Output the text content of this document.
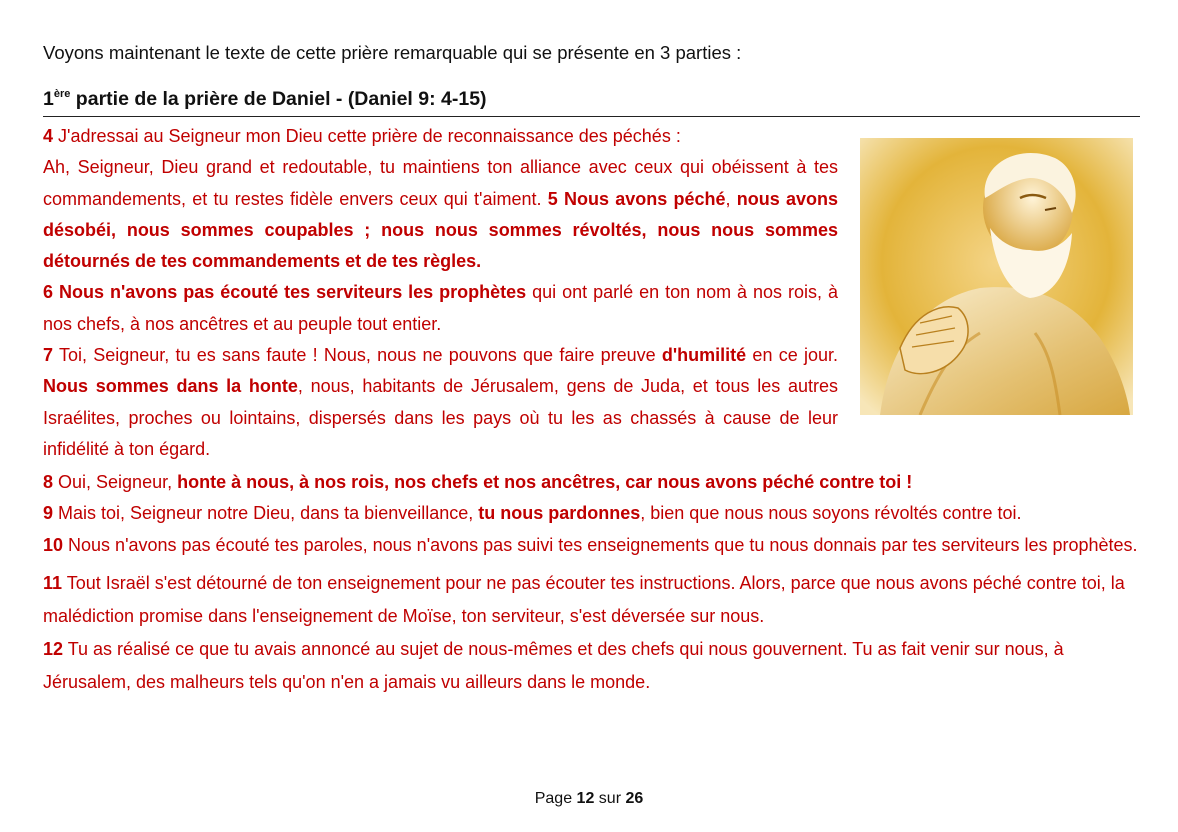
Voyons maintenant le texte de cette prière remarquable qui se présente en 3 parties :

1ère partie de la prière de Daniel - (Daniel 9: 4-15)

4 J'adressai au Seigneur mon Dieu cette prière de reconnaissance des péchés :

Ah, Seigneur, Dieu grand et redoutable, tu maintiens ton alliance avec ceux qui obéissent à tes commandements, et tu restes fidèle envers ceux qui t'aiment. 5 Nous avons péché, nous avons désobéi, nous sommes coupables ; nous nous sommes révoltés, nous nous sommes détournés de tes commandements et de tes règles.

6 Nous n'avons pas écouté tes serviteurs les prophètes qui ont parlé en ton nom à nos rois, à nos chefs, à nos ancêtres et au peuple tout entier.

7 Toi, Seigneur, tu es sans faute ! Nous, nous ne pouvons que faire preuve d'humilité en ce jour. Nous sommes dans la honte, nous, habitants de Jérusalem, gens de Juda, et tous les autres Israélites, proches ou lointains, dispersés dans les pays où tu les as chassés à cause de leur infidélité à ton égard.

8 Oui, Seigneur, honte à nous, à nos rois, nos chefs et nos ancêtres, car nous avons péché contre toi !

9 Mais toi, Seigneur notre Dieu, dans ta bienveillance, tu nous pardonnes, bien que nous nous soyons révoltés contre toi.

10 Nous n'avons pas écouté tes paroles, nous n'avons pas suivi tes enseignements que tu nous donnais par tes serviteurs les prophètes.

11 Tout Israël s'est détourné de ton enseignement pour ne pas écouter tes instructions. Alors, parce que nous avons péché contre toi, la malédiction promise dans l'enseignement de Moïse, ton serviteur, s'est déversée sur nous.

12 Tu as réalisé ce que tu avais annoncé au sujet de nous-mêmes et des chefs qui nous gouvernent. Tu as fait venir sur nous, à Jérusalem, des malheurs tels qu'on n'en a jamais vu ailleurs dans le monde.

Page 12 sur 26
